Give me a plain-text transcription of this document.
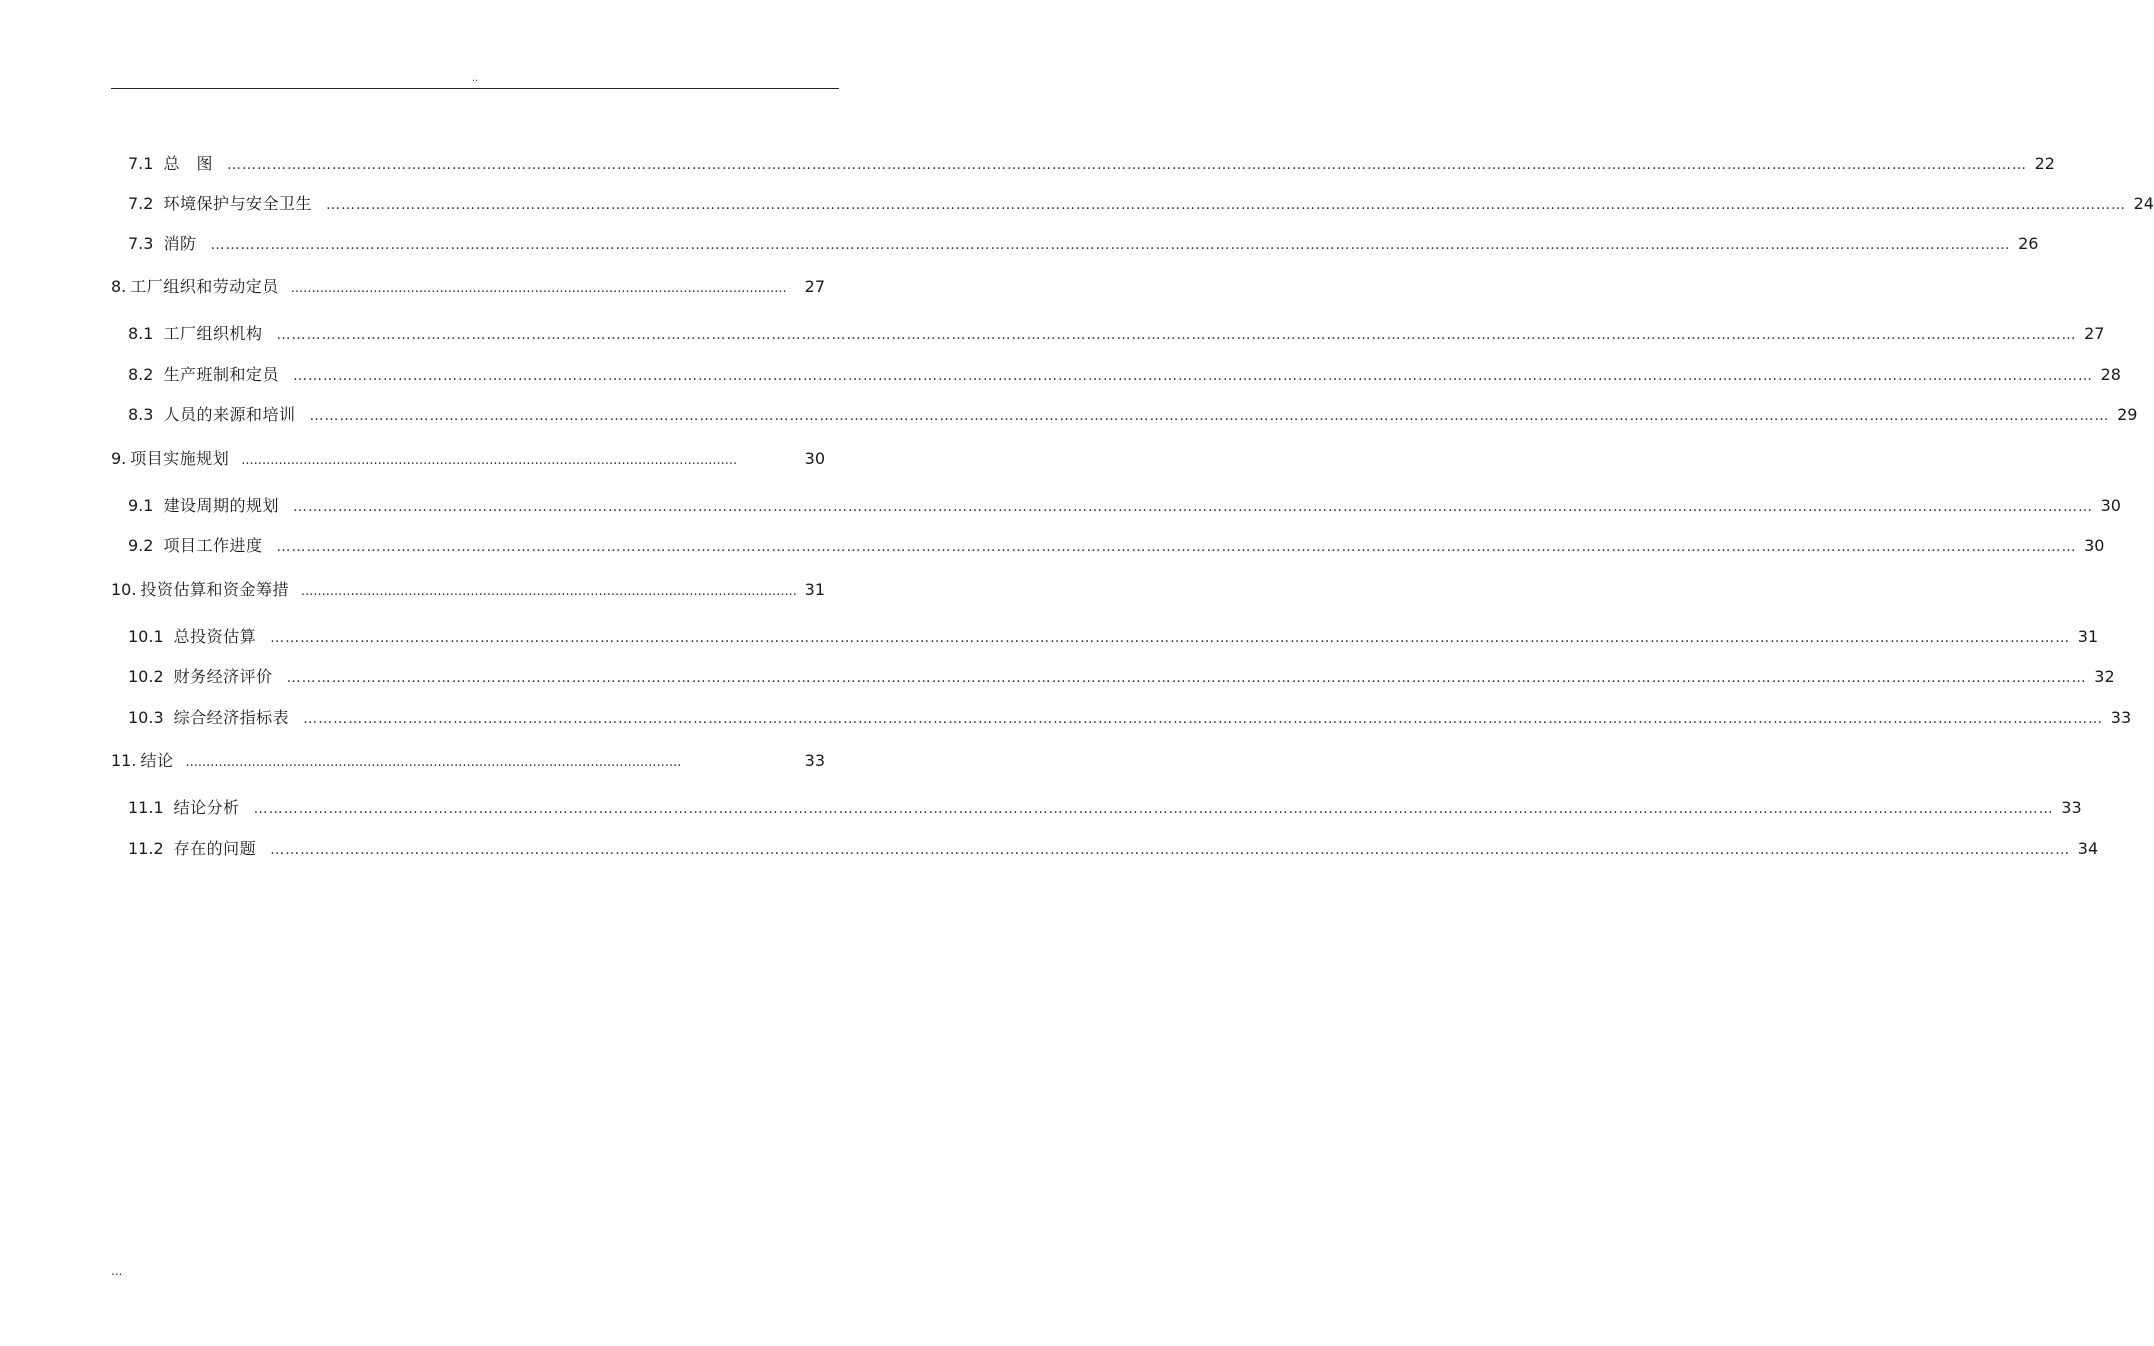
..
7.1 总　图 ……………………………………………………………………………………………………………………………………………………………………………………………………………………………………………………………………………………………………………………………… 22
7.2 环境保护与安全卫生 ……………………………………………………………………………………………………………………………………………………………………………………………………………………………………………………………………………………………………………………………… 24
7.3 消防 ……………………………………………………………………………………………………………………………………………………………………………………………………………………………………………………………………………………………………………………………… 26
8. 工厂组织和劳动定员 ........................................................................................................................ 27
8.1 工厂组织机构 ……………………………………………………………………………………………………………………………………………………………………………………………………………………………………………………………………………………………………………………………… 27
8.2 生产班制和定员 ……………………………………………………………………………………………………………………………………………………………………………………………………………………………………………………………………………………………………………………………… 28
8.3 人员的来源和培训 ……………………………………………………………………………………………………………………………………………………………………………………………………………………………………………………………………………………………………………………………… 29
9. 项目实施规划 ........................................................................................................................	30
9.1 建设周期的规划 ……………………………………………………………………………………………………………………………………………………………………………………………………………………………………………………………………………………………………………………………… 30
9.2 项目工作进度 ……………………………………………………………………………………………………………………………………………………………………………………………………………………………………………………………………………………………………………………………… 30
10. 投资估算和资金筹措 ........................................................................................................................ 31
10.1 总投资估算 ……………………………………………………………………………………………………………………………………………………………………………………………………………………………………………………………………………………………………………………………… 31
10.2 财务经济评价 ……………………………………………………………………………………………………………………………………………………………………………………………………………………………………………………………………………………………………………………………… 32
10.3 综合经济指标表 ……………………………………………………………………………………………………………………………………………………………………………………………………………………………………………………………………………………………………………………………… 33
11. 结论 ........................................................................................................................	33
11.1 结论分析 ……………………………………………………………………………………………………………………………………………………………………………………………………………………………………………………………………………………………………………………………… 33
11.2 存在的问题 ……………………………………………………………………………………………………………………………………………………………………………………………………………………………………………………………………………………………………………………………… 34
...
